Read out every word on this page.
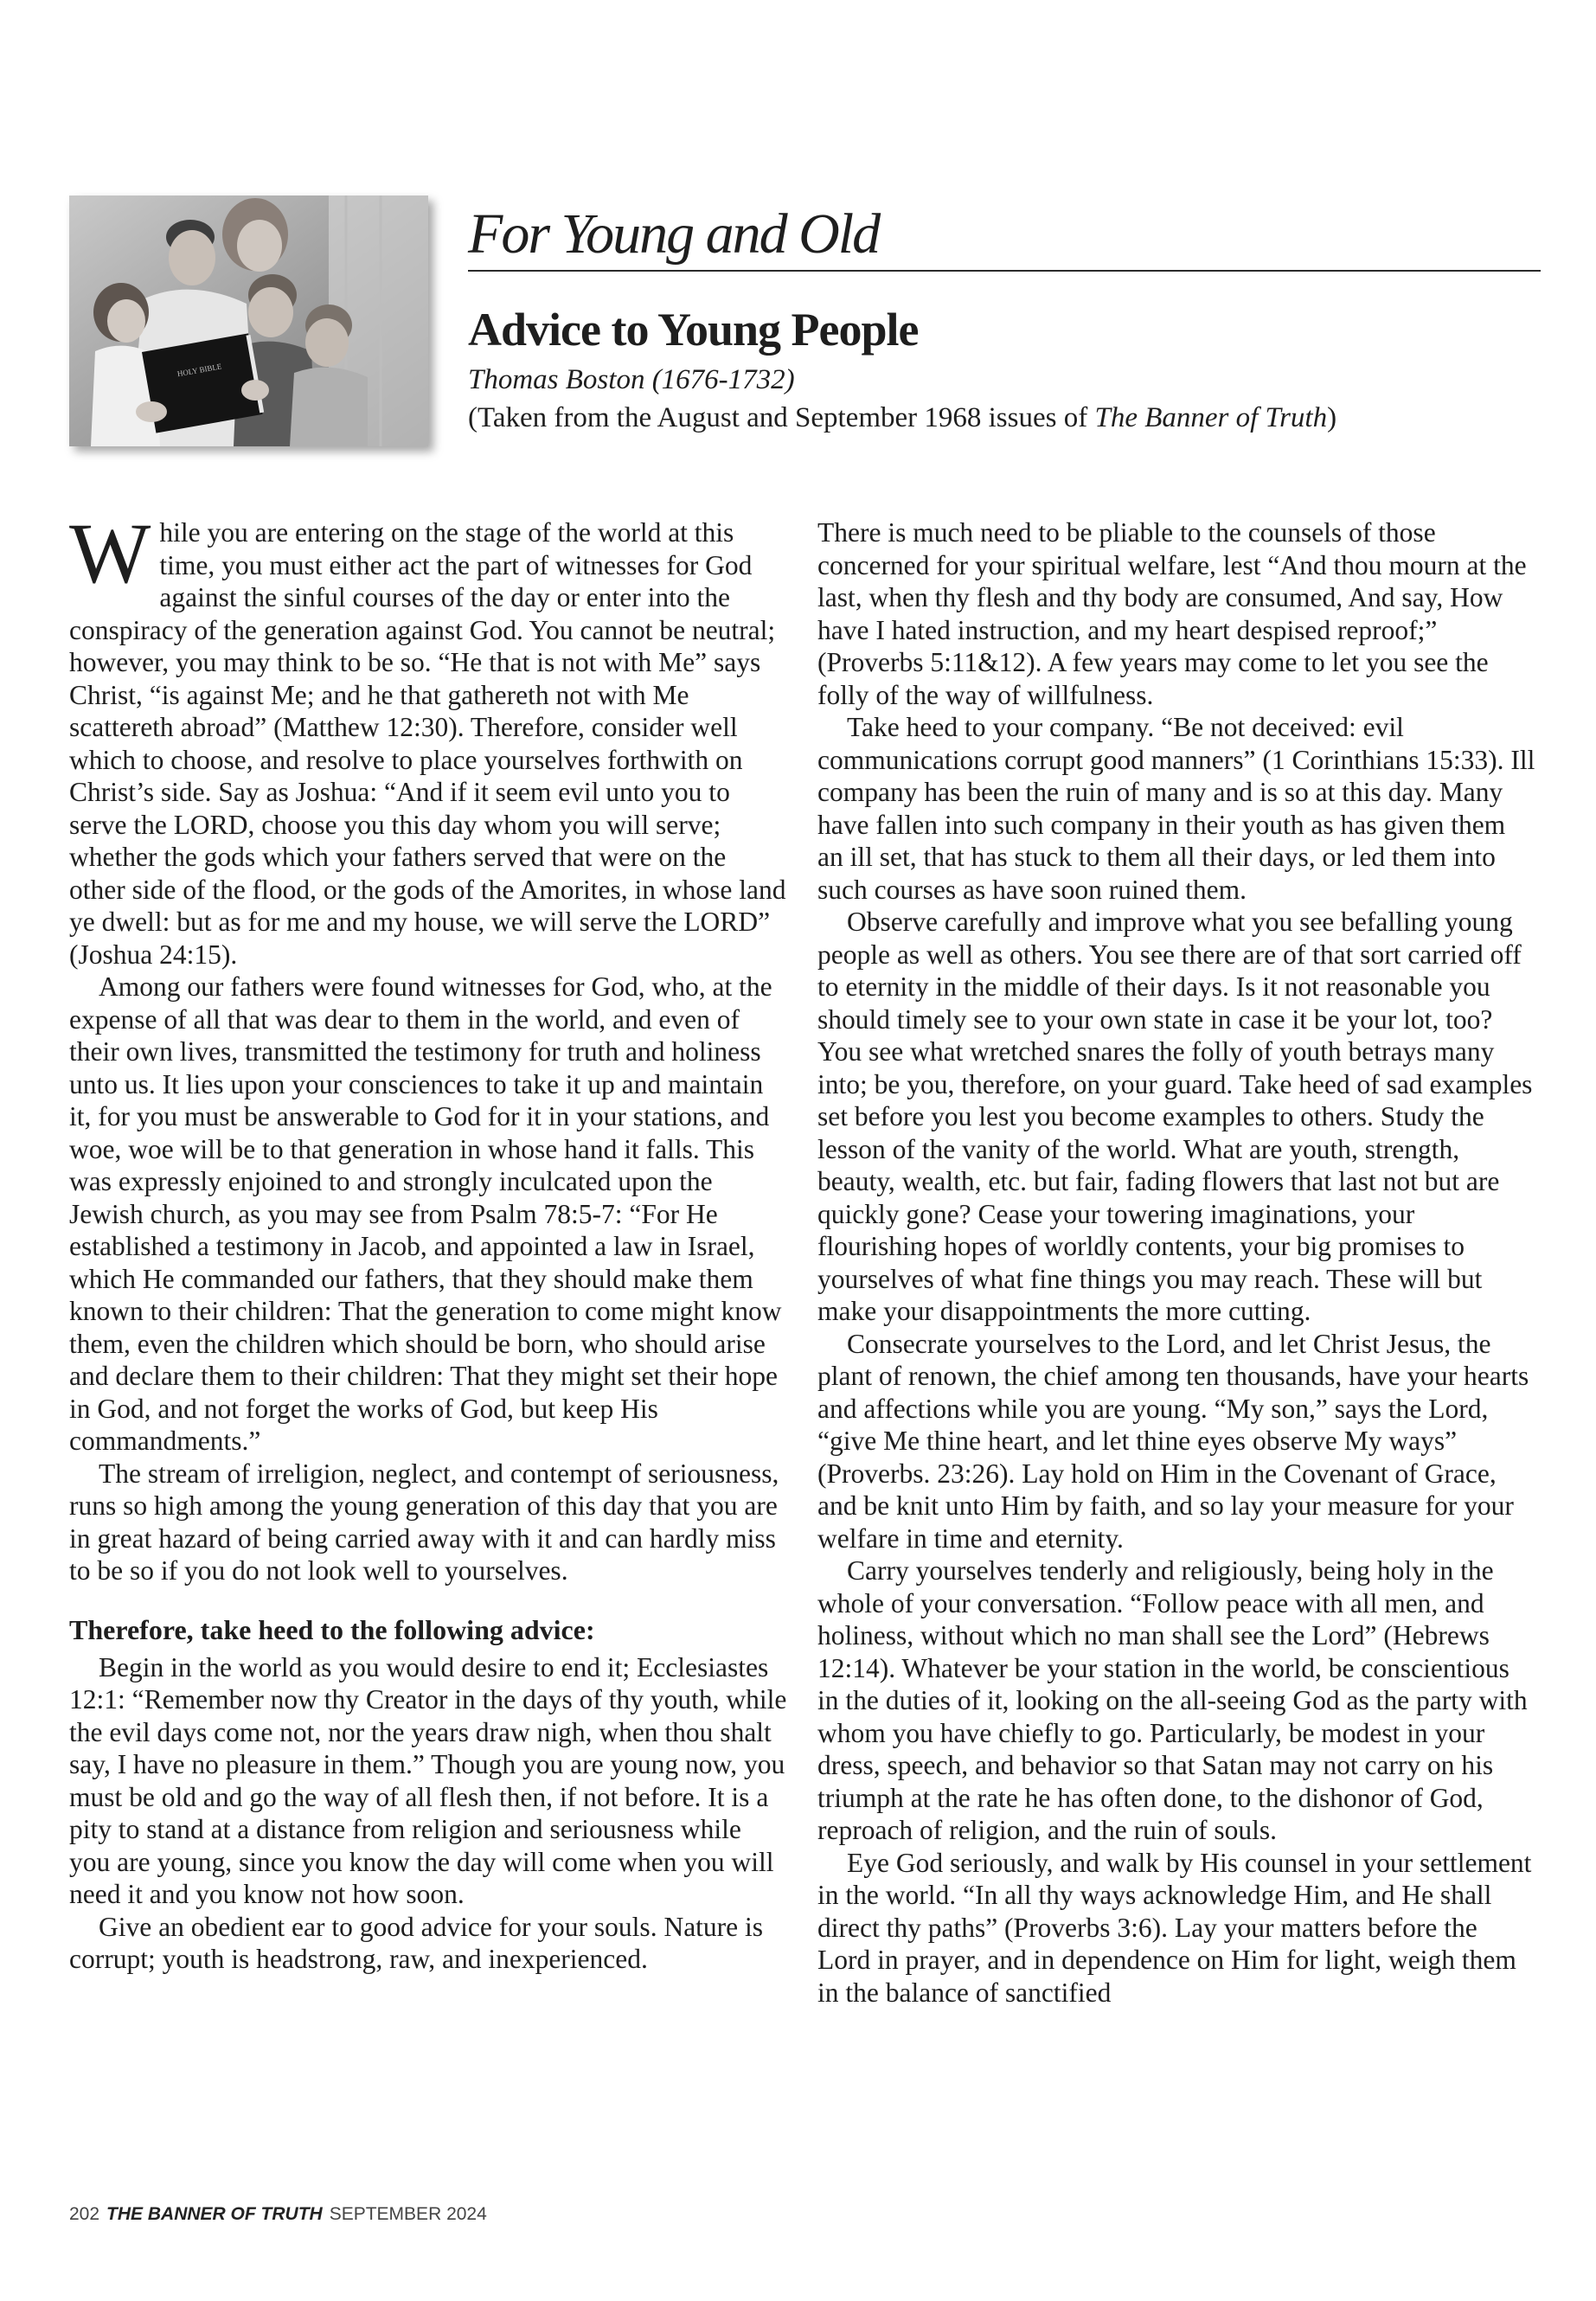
HOLY BIBLE
For Young and Old
Advice to Young People
Thomas Boston (1676-1732)
(Taken from the August and September 1968 issues of The Banner of Truth)

While you are entering on the stage of the world at this time, you must either act the part of witnesses for God against the sinful courses of the day or enter into the conspiracy of the generation against God. You cannot be neutral; however, you may think to be so. “He that is not with Me” says Christ, “is against Me; and he that gathereth not with Me scattereth abroad” (Matthew 12:30). Therefore, consider well which to choose, and resolve to place yourselves forthwith on Christ’s side. Say as Joshua: “And if it seem evil unto you to serve the LORD, choose you this day whom you will serve; whether the gods which your fathers served that were on the other side of the flood, or the gods of the Amorites, in whose land ye dwell: but as for me and my house, we will serve the LORD” (Joshua 24:15).

Among our fathers were found witnesses for God, who, at the expense of all that was dear to them in the world, and even of their own lives, transmitted the testimony for truth and holiness unto us. It lies upon your consciences to take it up and maintain it, for you must be answerable to God for it in your stations, and woe, woe will be to that generation in whose hand it falls. This was expressly enjoined to and strongly inculcated upon the Jewish church, as you may see from Psalm 78:5-7: “For He established a testimony in Jacob, and appointed a law in Israel, which He commanded our fathers, that they should make them known to their children: That the generation to come might know them, even the children which should be born, who should arise and declare them to their children: That they might set their hope in God, and not forget the works of God, but keep His commandments.”

The stream of irreligion, neglect, and contempt of seriousness, runs so high among the young generation of this day that you are in great hazard of being carried away with it and can hardly miss to be so if you do not look well to yourselves.

Therefore, take heed to the following advice:

Begin in the world as you would desire to end it; Ecclesiastes 12:1: “Remember now thy Creator in the days of thy youth, while the evil days come not, nor the years draw nigh, when thou shalt say, I have no pleasure in them.” Though you are young now, you must be old and go the way of all flesh then, if not before. It is a pity to stand at a distance from religion and seriousness while you are young, since you know the day will come when you will need it and you know not how soon.

Give an obedient ear to good advice for your souls. Nature is corrupt; youth is headstrong, raw, and inexperienced.

There is much need to be pliable to the counsels of those concerned for your spiritual welfare, lest “And thou mourn at the last, when thy flesh and thy body are consumed, And say, How have I hated instruction, and my heart despised reproof;” (Proverbs 5:11&12). A few years may come to let you see the folly of the way of willfulness.

Take heed to your company. “Be not deceived: evil communications corrupt good manners” (1 Corinthians 15:33). Ill company has been the ruin of many and is so at this day. Many have fallen into such company in their youth as has given them an ill set, that has stuck to them all their days, or led them into such courses as have soon ruined them.

Observe carefully and improve what you see befalling young people as well as others. You see there are of that sort carried off to eternity in the middle of their days. Is it not reasonable you should timely see to your own state in case it be your lot, too? You see what wretched snares the folly of youth betrays many into; be you, therefore, on your guard. Take heed of sad examples set before you lest you become examples to others. Study the lesson of the vanity of the world. What are youth, strength, beauty, wealth, etc. but fair, fading flowers that last not but are quickly gone? Cease your towering imaginations, your flourishing hopes of worldly contents, your big promises to yourselves of what fine things you may reach. These will but make your disappointments the more cutting.

Consecrate yourselves to the Lord, and let Christ Jesus, the plant of renown, the chief among ten thousands, have your hearts and affections while you are young. “My son,” says the Lord, “give Me thine heart, and let thine eyes observe My ways” (Proverbs. 23:26). Lay hold on Him in the Covenant of Grace, and be knit unto Him by faith, and so lay your measure for your welfare in time and eternity.

Carry yourselves tenderly and religiously, being holy in the whole of your conversation. “Follow peace with all men, and holiness, without which no man shall see the Lord” (Hebrews 12:14). Whatever be your station in the world, be conscientious in the duties of it, looking on the all-seeing God as the party with whom you have chiefly to go. Particularly, be modest in your dress, speech, and behavior so that Satan may not carry on his triumph at the rate he has often done, to the dishonor of God, reproach of religion, and the ruin of souls.

Eye God seriously, and walk by His counsel in your settlement in the world. “In all thy ways acknowledge Him, and He shall direct thy paths” (Proverbs 3:6). Lay your matters before the Lord in prayer, and in dependence on Him for light, weigh them in the balance of sanctified

202 THE BANNER OF TRUTH SEPTEMBER 2024
